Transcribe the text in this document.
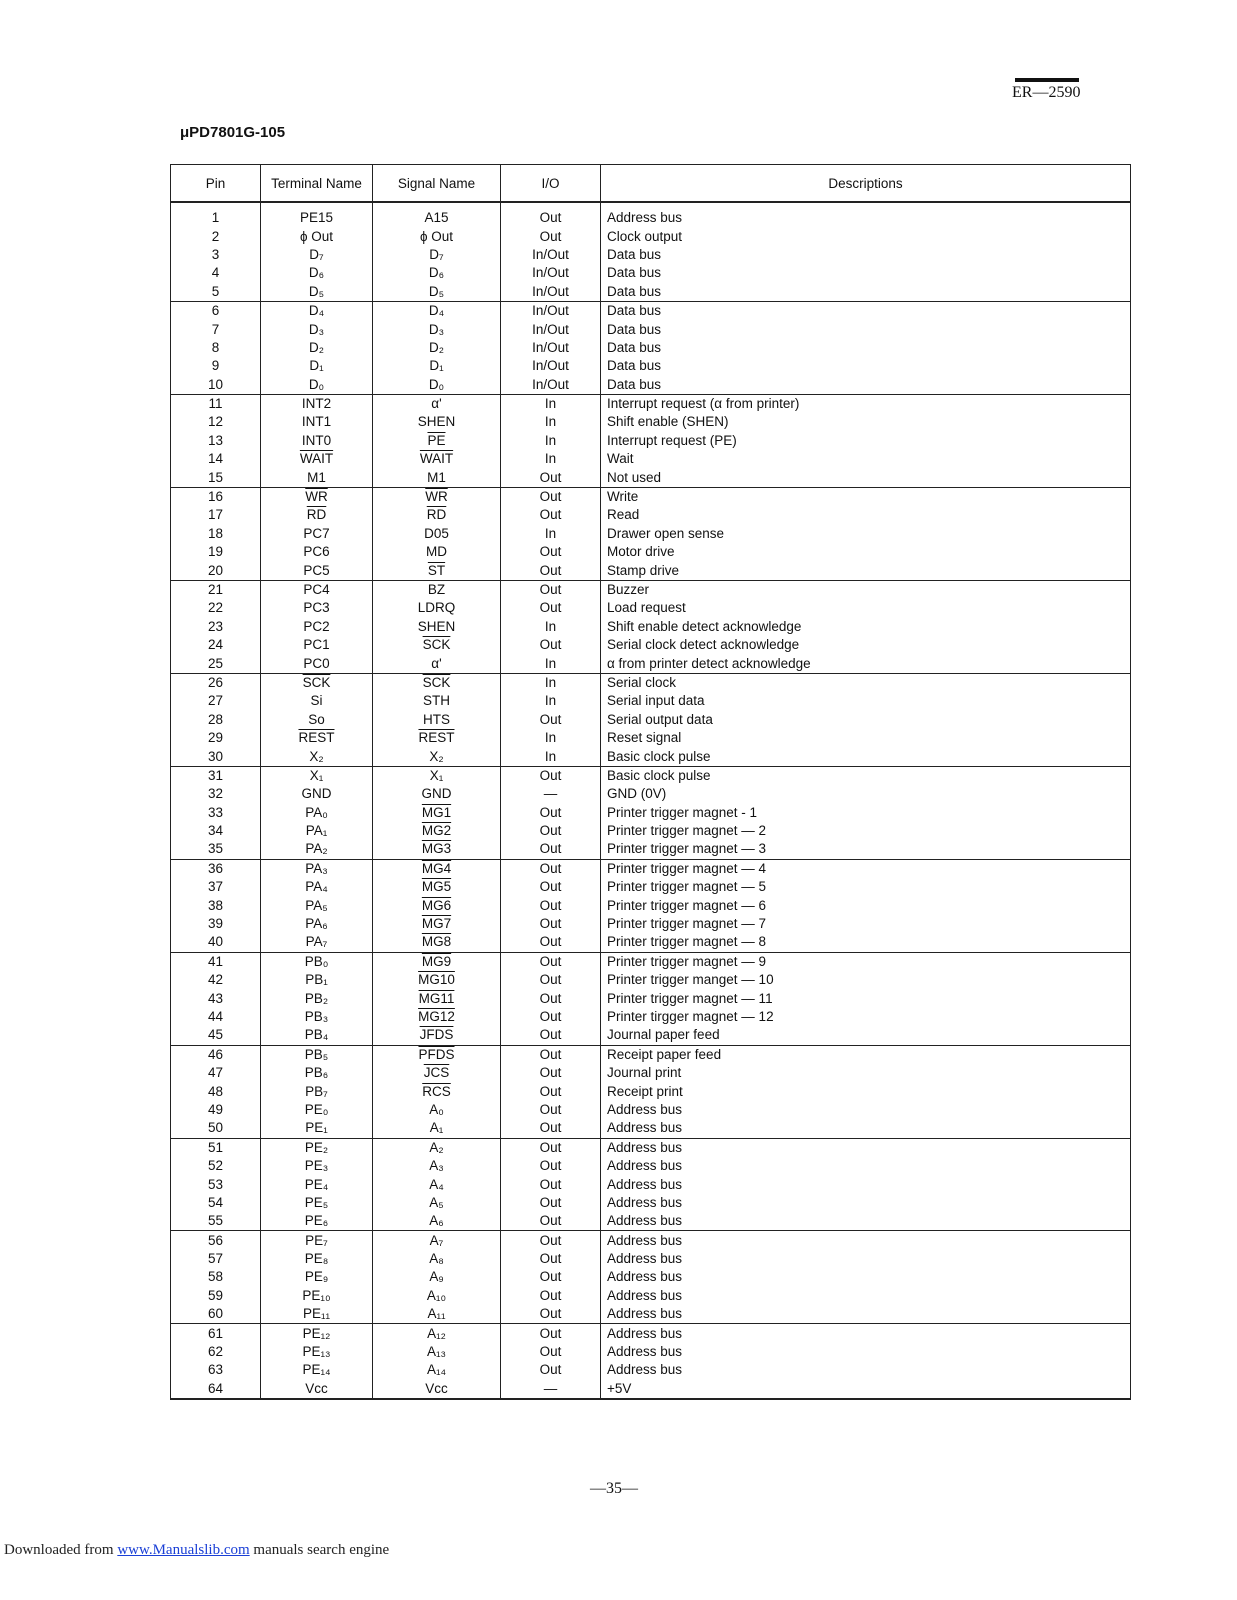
ER—2590
μPD7801G-105
Pin	Terminal Name	Signal Name	I/O	Descriptions
1	PE15	A15	Out	Address bus
2	ϕ Out	ϕ Out	Out	Clock output
3	D₇	D₇	In/Out	Data bus
4	D₆	D₆	In/Out	Data bus
5	D₅	D₅	In/Out	Data bus
6	D₄	D₄	In/Out	Data bus
7	D₃	D₃	In/Out	Data bus
8	D₂	D₂	In/Out	Data bus
9	D₁	D₁	In/Out	Data bus
10	D₀	D₀	In/Out	Data bus
11	INT2	α'	In	Interrupt request (α from printer)
12	INT1	SHEN	In	Shift enable (SHEN)
13	INT0	$\overline{PE}$	In	Interrupt request (PE)
14	WAIT	WAIT	In	Wait
15	M1	M1	Out	Not used
16	$\overline{WR}$	$\overline{WR}$	Out	Write
17	$\overline{RD}$	$\overline{RD}$	Out	Read
18	PC7	D05	In	Drawer open sense
19	PC6	MD	Out	Motor drive
20	PC5	$\overline{ST}$	Out	Stamp drive
21	PC4	BZ	Out	Buzzer
22	PC3	LDRQ	Out	Load request
23	PC2	SHEN	In	Shift enable detect acknowledge
24	PC1	$\overline{SCK}$	Out	Serial clock detect acknowledge
25	PC0	α'	In	α from printer detect acknowledge
26	$\overline{SCK}$	$\overline{SCK}$	In	Serial clock
27	Si	STH	In	Serial input data
28	So	HTS	Out	Serial output data
29	REST	REST	In	Reset signal
30	X₂	X₂	In	Basic clock pulse
31	X₁	X₁	Out	Basic clock pulse
32	GND	GND	—	GND (0V)
33	PA₀	MG1	Out	Printer trigger magnet - 1
34	PA₁	MG2	Out	Printer trigger magnet — 2
35	PA₂	MG3	Out	Printer trigger magnet — 3
36	PA₃	MG4	Out	Printer trigger magnet — 4
37	PA₄	MG5	Out	Printer trigger magnet — 5
38	PA₅	MG6	Out	Printer trigger magnet — 6
39	PA₆	MG7	Out	Printer trigger magnet — 7
40	PA₇	MG8	Out	Printer trigger magnet — 8
41	PB₀	MG9	Out	Printer trigger magnet — 9
42	PB₁	MG10	Out	Printer trigger manget — 10
43	PB₂	MG11	Out	Printer trigger magnet — 11
44	PB₃	MG12	Out	Printer tirgger magnet — 12
45	PB₄	JFDS	Out	Journal paper feed
46	PB₅	PFDS	Out	Receipt paper feed
47	PB₆	$\overline{JCS}$	Out	Journal print
48	PB₇	$\overline{RCS}$	Out	Receipt print
49	PE₀	A₀	Out	Address bus
50	PE₁	A₁	Out	Address bus
51	PE₂	A₂	Out	Address bus
52	PE₃	A₃	Out	Address bus
53	PE₄	A₄	Out	Address bus
54	PE₅	A₅	Out	Address bus
55	PE₆	A₆	Out	Address bus
56	PE₇	A₇	Out	Address bus
57	PE₈	A₈	Out	Address bus
58	PE₉	A₉	Out	Address bus
59	PE₁₀	A₁₀	Out	Address bus
60	PE₁₁	A₁₁	Out	Address bus
61	PE₁₂	A₁₂	Out	Address bus
62	PE₁₃	A₁₃	Out	Address bus
63	PE₁₄	A₁₄	Out	Address bus
64	Vcc	Vcc	—	+5V
—35—
Downloaded from www.Manualslib.com manuals search engine
